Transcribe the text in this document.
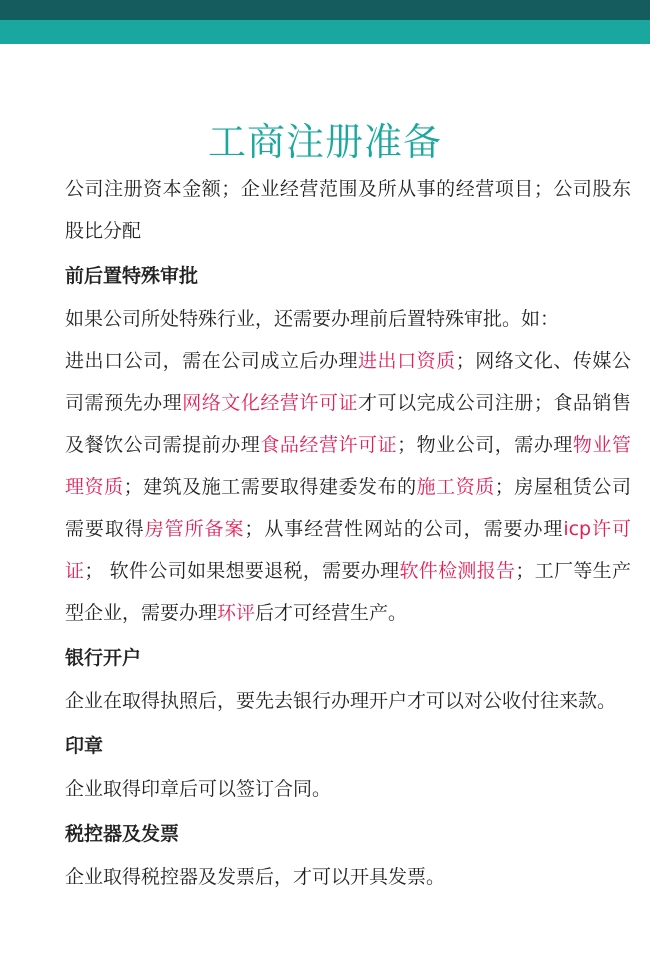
工商注册准备

公司注册资本金额；企业经营范围及所从事的经营项目；公司股东股比分配

前后置特殊审批

如果公司所处特殊行业，还需要办理前后置特殊审批。如：
进出口公司，需在公司成立后办理进出口资质；网络文化、传媒公司需预先办理网络文化经营许可证才可以完成公司注册；食品销售及餐饮公司需提前办理食品经营许可证；物业公司，需办理物业管理资质；建筑及施工需要取得建委发布的施工资质；房屋租赁公司需要取得房管所备案；从事经营性网站的公司，需要办理icp许可证； 软件公司如果想要退税，需要办理软件检测报告；工厂等生产型企业，需要办理环评后才可经营生产。

银行开户

企业在取得执照后，要先去银行办理开户才可以对公收付往来款。

印章

企业取得印章后可以签订合同。

税控器及发票

企业取得税控器及发票后，才可以开具发票。
